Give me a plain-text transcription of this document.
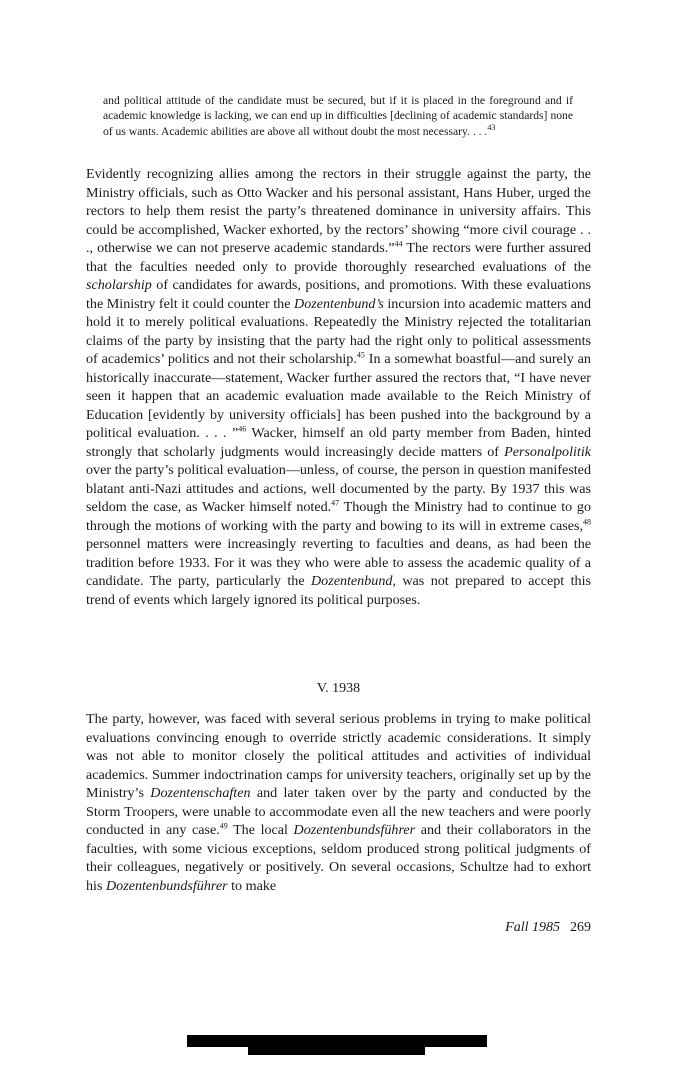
and political attitude of the candidate must be secured, but if it is placed in the foreground and if academic knowledge is lacking, we can end up in difficulties [declining of academic standards] none of us wants. Academic abilities are above all without doubt the most necessary. . . .$^{43}$
Evidently recognizing allies among the rectors in their struggle against the party, the Ministry officials, such as Otto Wacker and his personal assistant, Hans Huber, urged the rectors to help them resist the party’s threatened dominance in university affairs. This could be accomplished, Wacker exhorted, by the rectors’ showing “more civil courage . . ., otherwise we can not preserve academic standards.”$^{44}$ The rectors were further assured that the faculties needed only to provide thoroughly researched evaluations of the scholarship of candidates for awards, positions, and promotions. With these evaluations the Ministry felt it could counter the Dozentenbund’s incursion into academic matters and hold it to merely political evaluations. Repeatedly the Ministry rejected the totalitarian claims of the party by insisting that the party had the right only to political assessments of academics’ politics and not their scholarship.$^{45}$ In a somewhat boastful—and surely an historically inaccurate—statement, Wacker further assured the rectors that, “I have never seen it happen that an academic evaluation made available to the Reich Ministry of Education [evidently by university officials] has been pushed into the background by a political evaluation. . . . ”$^{46}$ Wacker, himself an old party member from Baden, hinted strongly that scholarly judgments would increasingly decide matters of Personalpolitik over the party’s political evaluation—unless, of course, the person in question manifested blatant anti-Nazi attitudes and actions, well documented by the party. By 1937 this was seldom the case, as Wacker himself noted.$^{47}$ Though the Ministry had to continue to go through the motions of working with the party and bowing to its will in extreme cases,$^{48}$ personnel matters were increasingly reverting to faculties and deans, as had been the tradition before 1933. For it was they who were able to assess the academic quality of a candidate. The party, particularly the Dozentenbund, was not prepared to accept this trend of events which largely ignored its political purposes.
V. 1938
The party, however, was faced with several serious problems in trying to make political evaluations convincing enough to override strictly academic considerations. It simply was not able to monitor closely the political attitudes and activities of individual academics. Summer indoctrination camps for university teachers, originally set up by the Ministry’s Dozentenschaften and later taken over by the party and conducted by the Storm Troopers, were unable to accommodate even all the new teachers and were poorly conducted in any case.$^{49}$ The local Dozentenbundsführer and their collaborators in the faculties, with some vicious exceptions, seldom produced strong political judgments of their colleagues, negatively or positively. On several occasions, Schultze had to exhort his Dozentenbundsführer to make
Fall 1985 269
